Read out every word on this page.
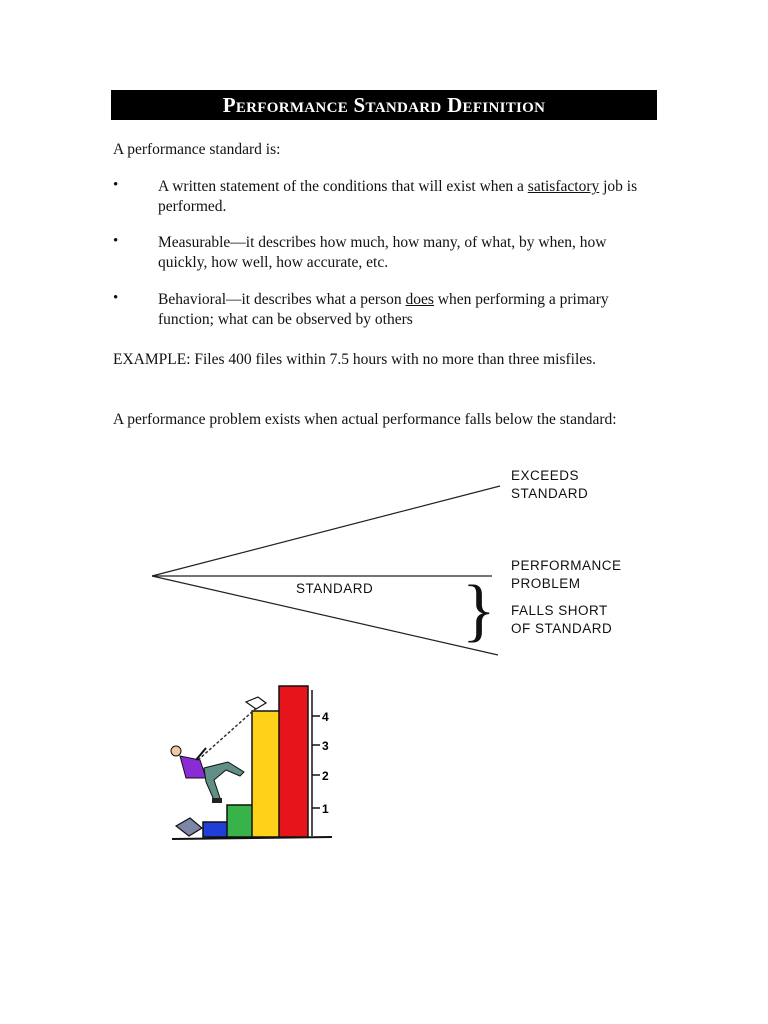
Performance Standard Definition

A performance standard is:

•	A written statement of the conditions that will exist when a satisfactory job is performed.
•	Measurable—it describes how much, how many, of what, by when, how quickly, how well, how accurate, etc.
•	Behavioral—it describes what a person does when performing a primary function; what can be observed by others

EXAMPLE: Files 400 files within 7.5 hours with no more than three misfiles.

A performance problem exists when actual performance falls below the standard:

EXCEEDS
STANDARD
STANDARD
PERFORMANCE
PROBLEM
FALLS SHORT
OF STANDARD
}
1
2
3
4
